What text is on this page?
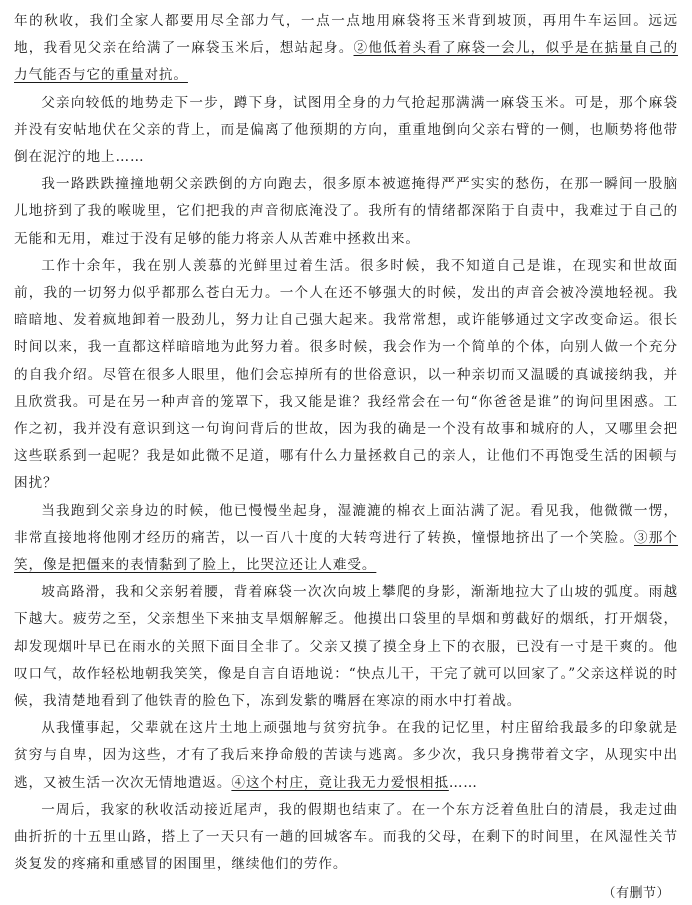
年的秋收，我们全家人都要用尽全部力气，一点一点地用麻袋将玉米背到坡顶，再用牛车运回。远远地，我看见父亲在给满了一麻袋玉米后，想站起身。②他低着头看了麻袋一会儿，似乎是在掂量自己的力气能否与它的重量对抗。

父亲向较低的地势走下一步，蹲下身，试图用全身的力气抢起那满满一麻袋玉米。可是，那个麻袋并没有安帖地伏在父亲的背上，而是偏离了他预期的方向，重重地倒向父亲右臂的一侧，也顺势将他带倒在泥泞的地上……

我一路跌跌撞撞地朝父亲跌倒的方向跑去，很多原本被遮掩得严严实实的愁伤，在那一瞬间一股脑儿地挤到了我的喉咙里，它们把我的声音彻底淹没了。我所有的情绪都深陷于自责中，我难过于自己的无能和无用，难过于没有足够的能力将亲人从苦难中拯救出来。

工作十余年，我在别人羡慕的光鲜里过着生活。很多时候，我不知道自己是谁，在现实和世故面前，我的一切努力似乎都那么苍白无力。一个人在还不够强大的时候，发出的声音会被冷漠地轻视。我暗暗地、发着疯地卸着一股劲儿，努力让自己强大起来。我常常想，或许能够通过文字改变命运。很长时间以来，我一直都这样暗暗地为此努力着。很多时候，我会作为一个简单的个体，向别人做一个充分的自我介绍。尽管在很多人眼里，他们会忘掉所有的世俗意识，以一种亲切而又温暖的真诚接纳我，并且欣赏我。可是在另一种声音的笼罩下，我又能是谁？我经常会在一句“你爸爸是谁”的询问里困惑。工作之初，我并没有意识到这一句询问背后的世故，因为我的确是一个没有故事和城府的人，又哪里会把这些联系到一起呢？我是如此微不足道，哪有什么力量拯救自己的亲人，让他们不再饱受生活的困顿与困扰？

当我跑到父亲身边的时候，他已慢慢坐起身，湿漉漉的棉衣上面沾满了泥。看见我，他微微一愣，非常直接地将他刚才经历的痛苦，以一百八十度的大转弯进行了转换，憧憬地挤出了一个笑脸。③那个笑，像是把僵来的表情黏到了脸上，比哭泣还让人难受。

坡高路滑，我和父亲躬着腰，背着麻袋一次次向坡上攀爬的身影，渐渐地拉大了山坡的弧度。雨越下越大。疲劳之至，父亲想坐下来抽支旱烟解解乏。他摸出口袋里的旱烟和剪截好的烟纸，打开烟袋，却发现烟叶早已在雨水的关照下面目全非了。父亲又摸了摸全身上下的衣服，已没有一寸是干爽的。他叹口气，故作轻松地朝我笑笑，像是自言自语地说：“快点儿干，干完了就可以回家了。”父亲这样说的时候，我清楚地看到了他铁青的脸色下，冻到发紫的嘴唇在寒凉的雨水中打着战。

从我懂事起，父辈就在这片土地上顽强地与贫穷抗争。在我的记忆里，村庄留给我最多的印象就是贫穷与自卑，因为这些，才有了我后来挣命般的苦读与逃离。多少次，我只身携带着文字，从现实中出逃，又被生活一次次无情地遣返。④这个村庄，竟让我无力爱恨相抵……

一周后，我家的秋收活动接近尾声，我的假期也结束了。在一个东方泛着鱼肚白的清晨，我走过曲曲折折的十五里山路，搭上了一天只有一趟的回城客车。而我的父母，在剩下的时间里，在风湿性关节炎复发的疼痛和重感冒的困围里，继续他们的劳作。

（有删节）
